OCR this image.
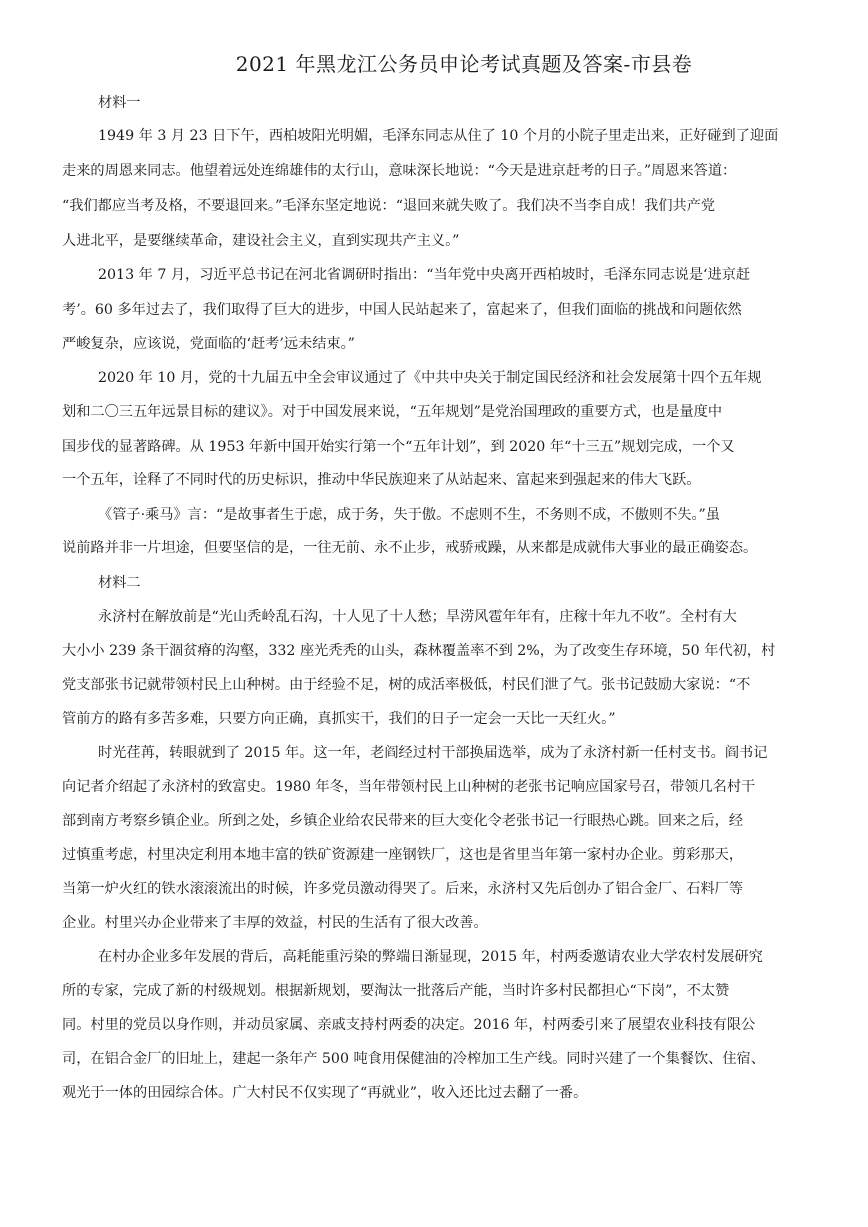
2021 年黑龙江公务员申论考试真题及答案-市县卷
材料一
1949 年 3 月 23 日下午，西柏坡阳光明媚，毛泽东同志从住了 10 个月的小院子里走出来，正好碰到了迎面
走来的周恩来同志。他望着远处连绵雄伟的太行山，意味深长地说：“今天是进京赶考的日子。”周恩来答道：
“我们都应当考及格，不要退回来。”毛泽东坚定地说：“退回来就失败了。我们决不当李自成！我们共产党
人进北平，是要继续革命，建设社会主义，直到实现共产主义。”
2013 年 7 月，习近平总书记在河北省调研时指出：“当年党中央离开西柏坡时，毛泽东同志说是‘进京赶
考’。60 多年过去了，我们取得了巨大的进步，中国人民站起来了，富起来了，但我们面临的挑战和问题依然
严峻复杂，应该说，党面临的‘赶考’远未结束。”
2020 年 10 月，党的十九届五中全会审议通过了《中共中央关于制定国民经济和社会发展第十四个五年规
划和二〇三五年远景目标的建议》。对于中国发展来说，“五年规划”是党治国理政的重要方式，也是量度中
国步伐的显著路碑。从 1953 年新中国开始实行第一个“五年计划”，到 2020 年“十三五”规划完成，一个又
一个五年，诠释了不同时代的历史标识，推动中华民族迎来了从站起来、富起来到强起来的伟大飞跃。
《管子·乘马》言：“是故事者生于虑，成于务，失于傲。不虑则不生，不务则不成，不傲则不失。”虽
说前路并非一片坦途，但要坚信的是，一往无前、永不止步，戒骄戒躁，从来都是成就伟大事业的最正确姿态。
材料二
永济村在解放前是“光山秃岭乱石沟，十人见了十人愁；旱涝风雹年年有，庄稼十年九不收”。全村有大
大小小 239 条干涸贫瘠的沟壑，332 座光秃秃的山头，森林覆盖率不到 2%，为了改变生存环境，50 年代初，村
党支部张书记就带领村民上山种树。由于经验不足，树的成活率极低，村民们泄了气。张书记鼓励大家说：“不
管前方的路有多苦多难，只要方向正确，真抓实干，我们的日子一定会一天比一天红火。”
时光荏苒，转眼就到了 2015 年。这一年，老阎经过村干部换届选举，成为了永济村新一任村支书。阎书记
向记者介绍起了永济村的致富史。1980 年冬，当年带领村民上山种树的老张书记响应国家号召，带领几名村干
部到南方考察乡镇企业。所到之处，乡镇企业给农民带来的巨大变化令老张书记一行眼热心跳。回来之后，经
过慎重考虑，村里决定利用本地丰富的铁矿资源建一座钢铁厂，这也是省里当年第一家村办企业。剪彩那天，
当第一炉火红的铁水滚滚流出的时候，许多党员激动得哭了。后来，永济村又先后创办了铝合金厂、石料厂等
企业。村里兴办企业带来了丰厚的效益，村民的生活有了很大改善。
在村办企业多年发展的背后，高耗能重污染的弊端日渐显现，2015 年，村两委邀请农业大学农村发展研究
所的专家，完成了新的村级规划。根据新规划，要淘汰一批落后产能，当时许多村民都担心“下岗”，不太赞
同。村里的党员以身作则，并动员家属、亲戚支持村两委的决定。2016 年，村两委引来了展望农业科技有限公
司，在铝合金厂的旧址上，建起一条年产 500 吨食用保健油的冷榨加工生产线。同时兴建了一个集餐饮、住宿、
观光于一体的田园综合体。广大村民不仅实现了“再就业”，收入还比过去翻了一番。
